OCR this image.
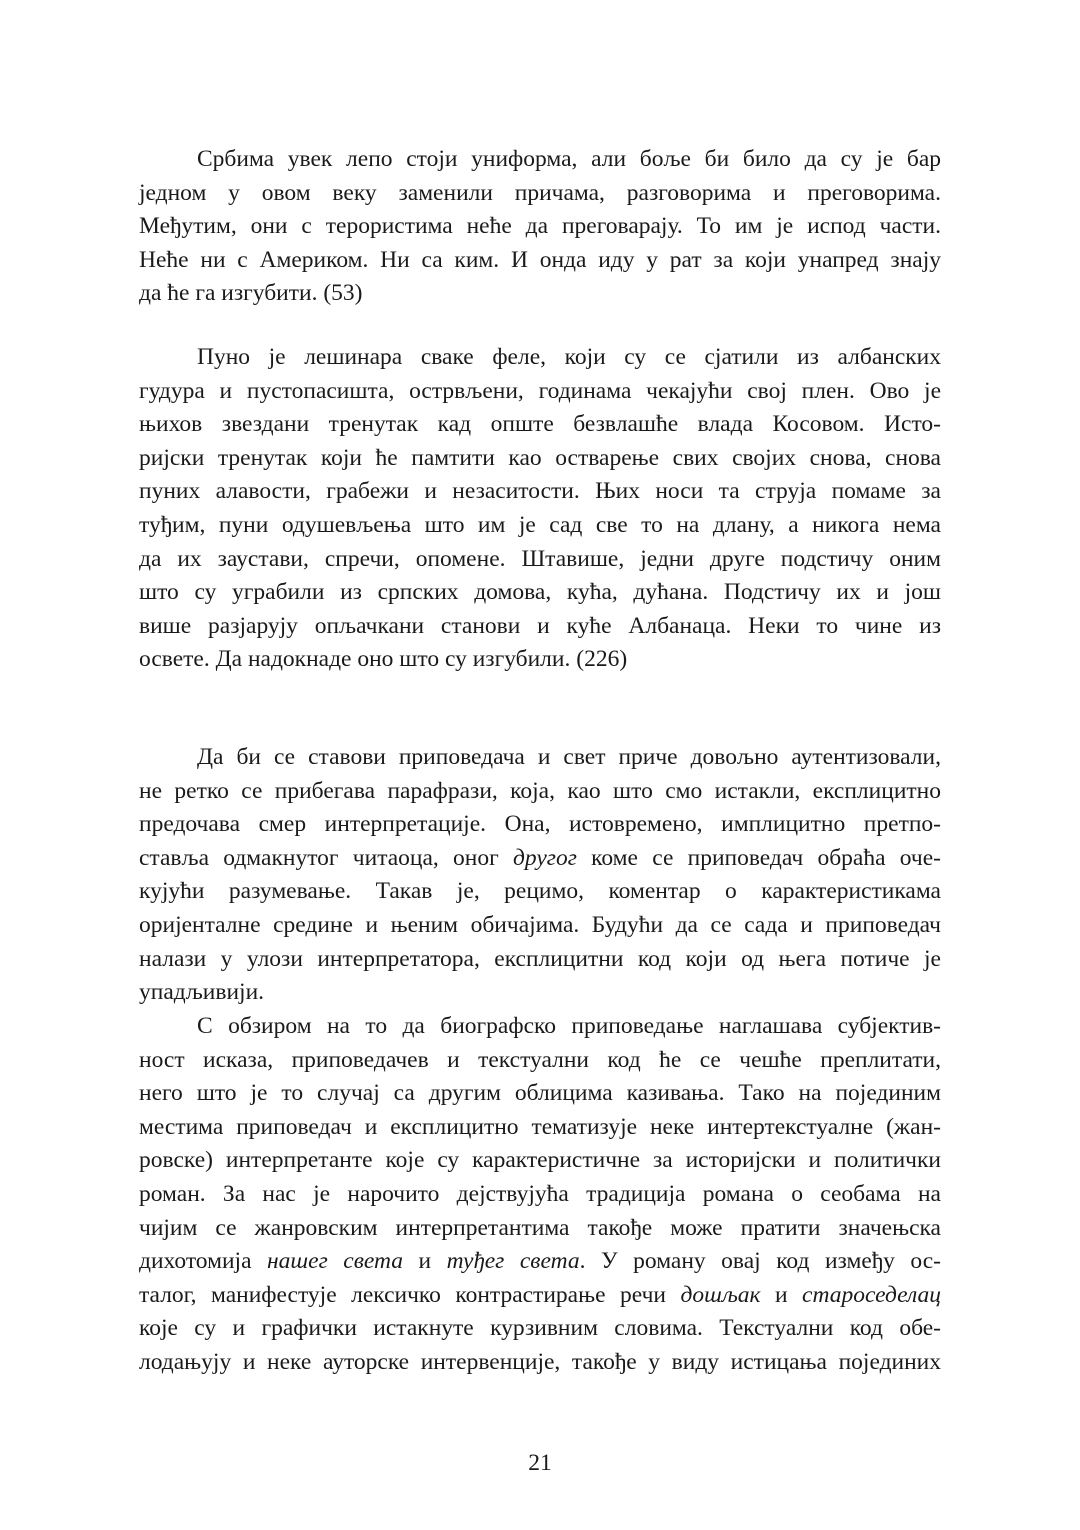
Србима увек лепо стоји униформа, али боље би било да су је бар
једном у овом веку заменили причама, разговорима и преговорима.
Међутим, они с терористима неће да преговарају. То им је испод части.
Неће ни с Америком. Ни са ким. И онда иду у рат за који унапред знају
да ће га изгубити. (53)
Пуно је лешинара сваке феле, који су се сјатили из албанских
гудура и пустопасишта, острвљени, годинама чекајући свој плен. Ово је
њихов звездани тренутак кад опште безвлашће влада Косовом. Исто-
ријски тренутак који ће памтити као остварење свих својих снова, снова
пуних алавости, грабежи и незаситости. Њих носи та струја помаме за
туђим, пуни одушевљења што им је сад све то на длану, а никога нема
да их заустави, спречи, опомене. Штавише, једни друге подстичу оним
што су уграбили из српских домова, кућа, дућана. Подстичу их и још
више разјарују опљачкани станови и куће Албанаца. Неки то чине из
освете. Да надокнаде оно што су изгубили. (226)
Да би се ставови приповедача и свет приче довољно аутентизовали,
не ретко се прибегава парафрази, која, као што смо истакли, експлицитно
предочава смер интерпретације. Она, истовремено, имплицитно претпо-
ставља одмакнутог читаоца, оног другог коме се приповедач обраћа оче-
кујући разумевање. Такав је, рецимо, коментар о карактеристикама
оријенталне средине и њеним обичајима. Будући да се сада и приповедач
налази у улози интерпретатора, експлицитни код који од њега потиче је
упадљивији.
С обзиром на то да биографско приповедање наглашава субјектив-
ност исказа, приповедачев и текстуални код ће се чешће преплитати,
него што је то случај са другим облицима казивања. Тако на појединим
местима приповедач и експлицитно тематизује неке интертекстуалне (жан-
ровске) интерпретанте које су карактеристичне за историјски и политички
роман. За нас је нарочито дејствујућа традиција романа о сеобама на
чијим се жанровским интерпретантима такође може пратити значењска
дихотомија нашег света и туђег света. У роману овај код између ос-
талог, манифестује лексичко контрастирање речи дошљак и староседелац
које су и графички истакнуте курзивним словима. Текстуални код обе-
лодањују и неке ауторске интервенције, такође у виду истицања појединих
21
